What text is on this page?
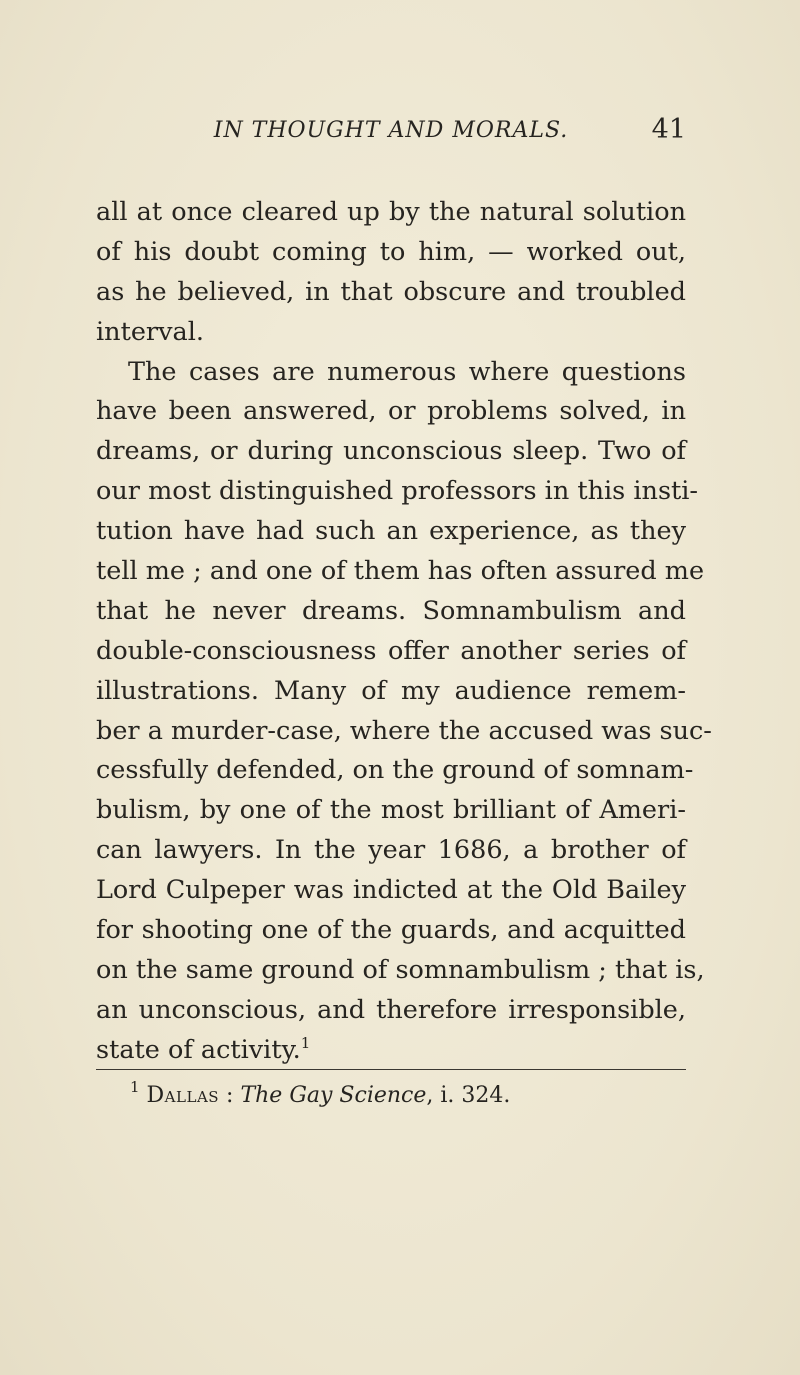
IN THOUGHT AND MORALS.	41
all at once cleared up by the natural solution
of his doubt coming to him, — worked out,
as he believed, in that obscure and troubled
interval.
The cases are numerous where questions
have been answered, or problems solved, in
dreams, or during unconscious sleep. Two of
our most distinguished professors in this insti-
tution have had such an experience, as they
tell me ; and one of them has often assured me
that he never dreams. Somnambulism and
double-consciousness offer another series of
illustrations. Many of my audience remem-
ber a murder-case, where the accused was suc-
cessfully defended, on the ground of somnam-
bulism, by one of the most brilliant of Ameri-
can lawyers. In the year 1686, a brother of
Lord Culpeper was indicted at the Old Bailey
for shooting one of the guards, and acquitted
on the same ground of somnambulism ; that is,
an unconscious, and therefore irresponsible,
state of activity.$^1$
$^1$ Dallas : The Gay Science, i. 324.
